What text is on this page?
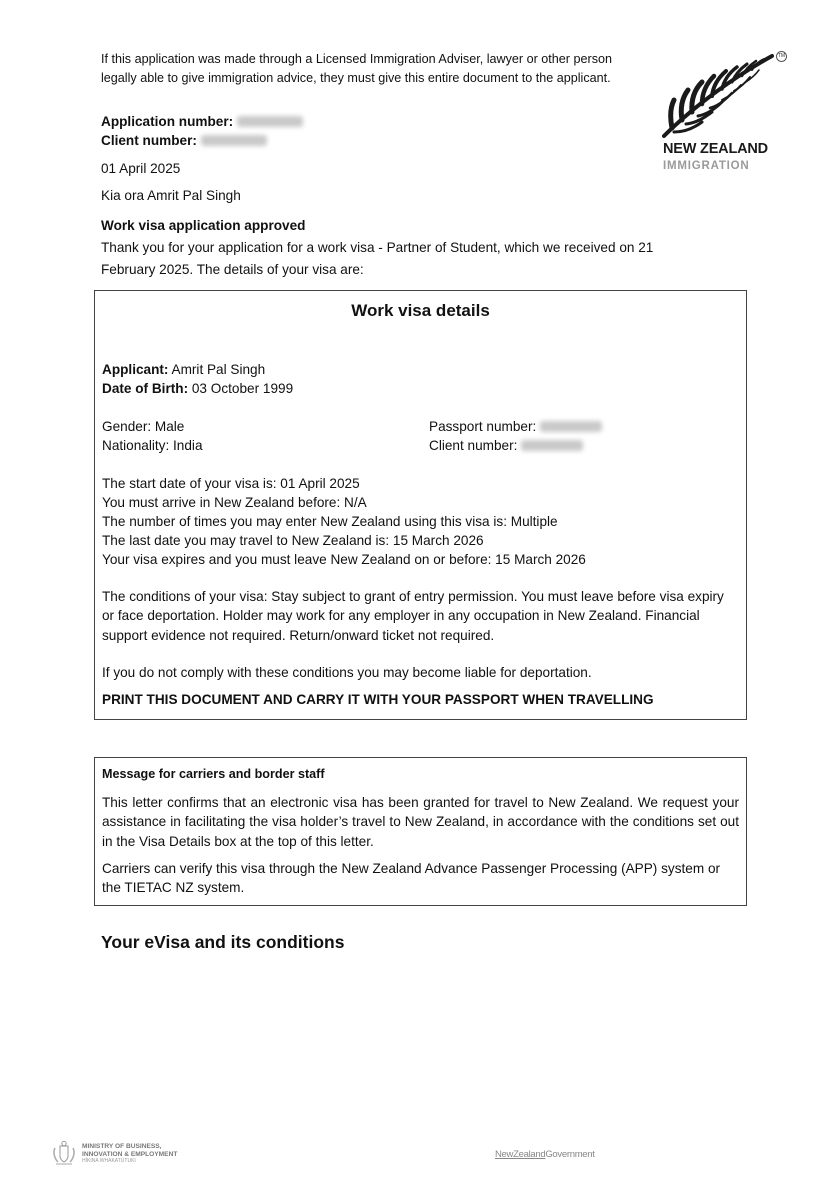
If this application was made through a Licensed Immigration Adviser, lawyer or other person legally able to give immigration advice, they must give this entire document to the applicant.
TM
NEW ZEALAND
IMMIGRATION
Application number:
Client number:
01 April 2025
Kia ora Amrit Pal Singh
Work visa application approved
Thank you for your application for a work visa - Partner of Student, which we received on 21 February 2025. The details of your visa are:
Work visa details
Applicant: Amrit Pal Singh
Date of Birth: 03 October 1999
Gender: Male
Nationality: India
Passport number:
Client number:
The start date of your visa is: 01 April 2025
You must arrive in New Zealand before: N/A
The number of times you may enter New Zealand using this visa is: Multiple
The last date you may travel to New Zealand is: 15 March 2026
Your visa expires and you must leave New Zealand on or before: 15 March 2026
The conditions of your visa: Stay subject to grant of entry permission. You must leave before visa expiry or face deportation. Holder may work for any employer in any occupation in New Zealand. Financial support evidence not required. Return/onward ticket not required.
If you do not comply with these conditions you may become liable for deportation.
PRINT THIS DOCUMENT AND CARRY IT WITH YOUR PASSPORT WHEN TRAVELLING
Message for carriers and border staff
This letter confirms that an electronic visa has been granted for travel to New Zealand. We request your assistance in facilitating the visa holder’s travel to New Zealand, in accordance with the conditions set out in the Visa Details box at the top of this letter.
Carriers can verify this visa through the New Zealand Advance Passenger Processing (APP) system or the TIETAC NZ system.
Your eVisa and its conditions
MINISTRY OF BUSINESS,
INNOVATION & EMPLOYMENT
HĪKINA WHAKATUTUKI
NewZealandGovernment
